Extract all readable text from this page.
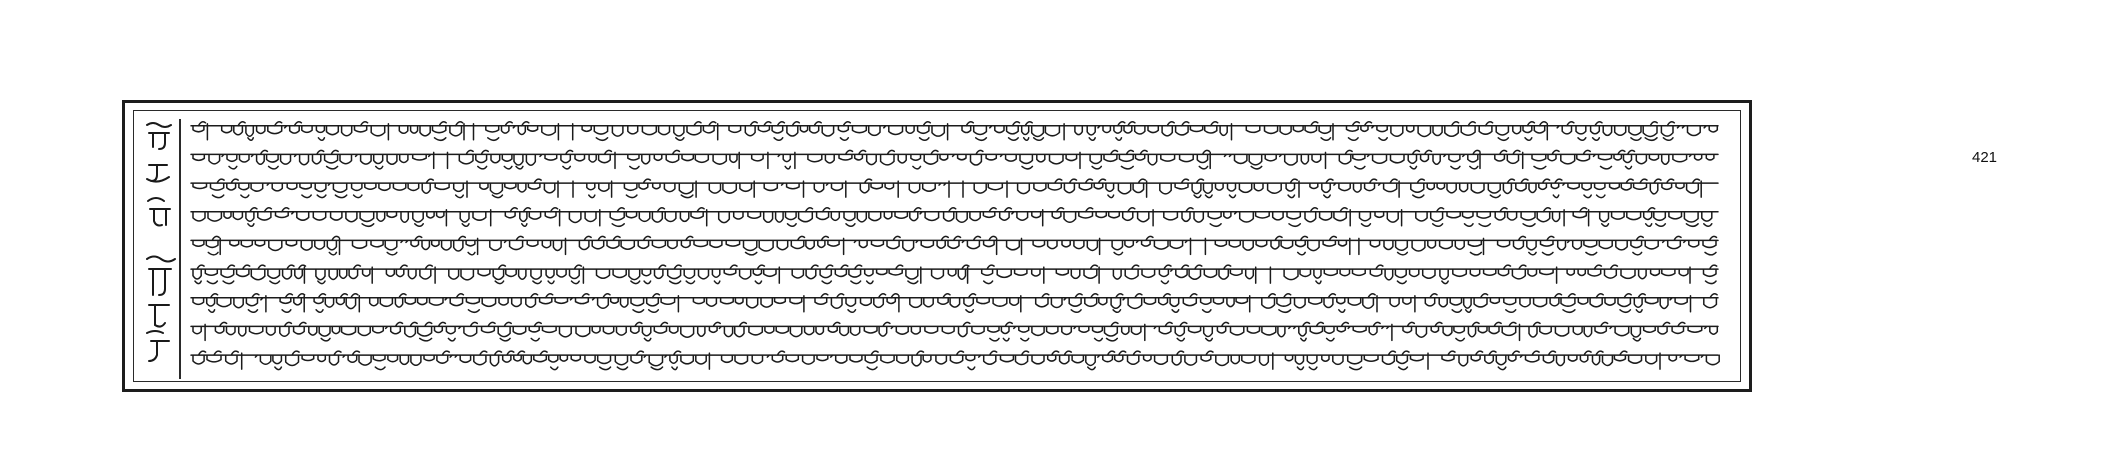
421
